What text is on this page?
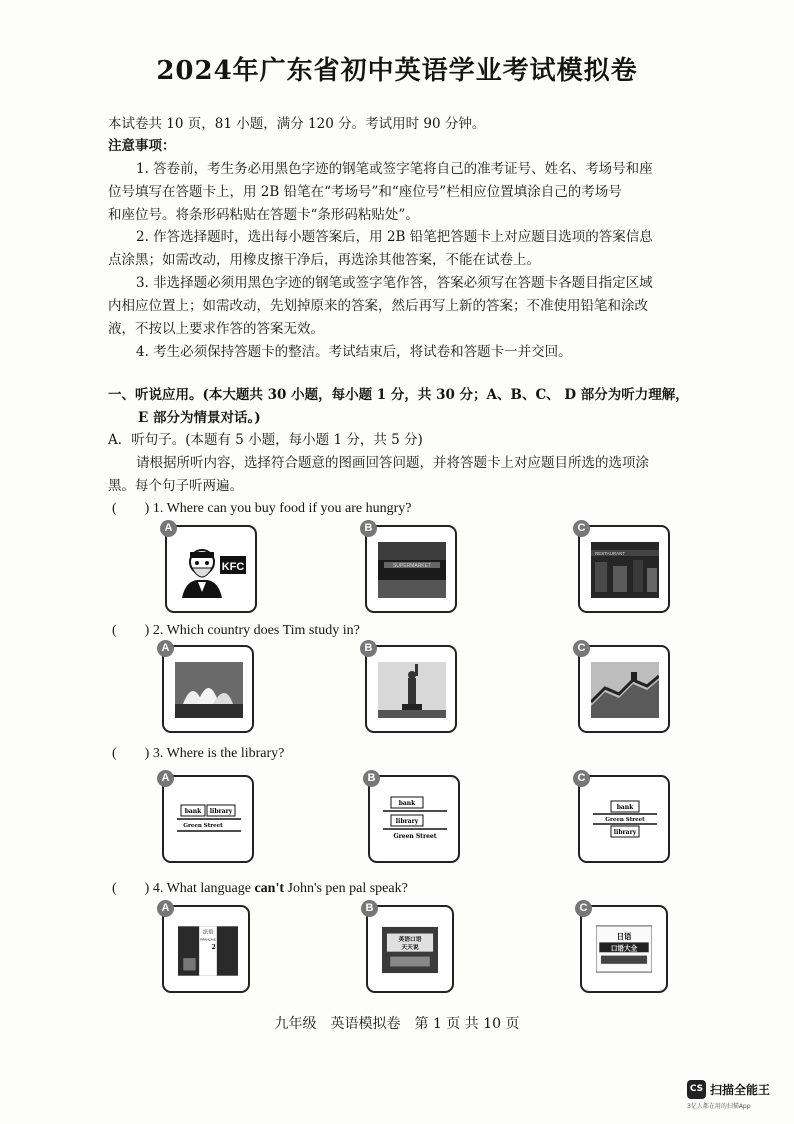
2024年广东省初中英语学业考试模拟卷
本试卷共 10 页，81 小题，满分 120 分。考试用时 90 分钟。
注意事项：
1. 答卷前，考生务必用黑色字迹的钢笔或签字笔将自己的准考证号、姓名、考场号和座
位号填写在答题卡上，用 2B 铅笔在“考场号”和“座位号”栏相应位置填涂自己的考场号
和座位号。将条形码粘贴在答题卡“条形码粘贴处”。
2. 作答选择题时，选出每小题答案后，用 2B 铅笔把答题卡上对应题目选项的答案信息
点涂黑；如需改动，用橡皮擦干净后，再选涂其他答案，不能在试卷上。
3. 非选择题必须用黑色字迹的钢笔或签字笔作答，答案必须写在答题卡各题目指定区域
内相应位置上；如需改动，先划掉原来的答案，然后再写上新的答案；不准使用铅笔和涂改
液，不按以上要求作答的答案无效。
4. 考生必须保持答题卡的整洁。考试结束后，将试卷和答题卡一并交回。
一、听说应用。(本大题共 30 小题，每小题 1 分，共 30 分；A、B、C、 D 部分为听力理解，
E 部分为情景对话。)
A．听句子。(本题有 5 小题，每小题 1 分，共 5 分)
请根据所听内容，选择符合题意的图画回答问题，并将答题卡上对应题目所选的选项涂
黑。每个句子听两遍。
(　　) 1. Where can you buy food if you are hungry?
A
KFC
B
SUPERMARKET
C
RESTAURANT
(　　) 2. Which country does Tim study in?
A	B	C
(　　) 3. Where is the library?
A
bank library
Green Street
B
bank
library
Green Street
C
bank
Green Street
library
(　　) 4. What language can't John's pen pal speak?
A
法语
FRANÇAIS
2
B
英语口语
天天说
C
日语
口语大全
九年级　英语模拟卷　第 1 页 共 10 页
CS 扫描全能王
3亿人都在用的扫描App
